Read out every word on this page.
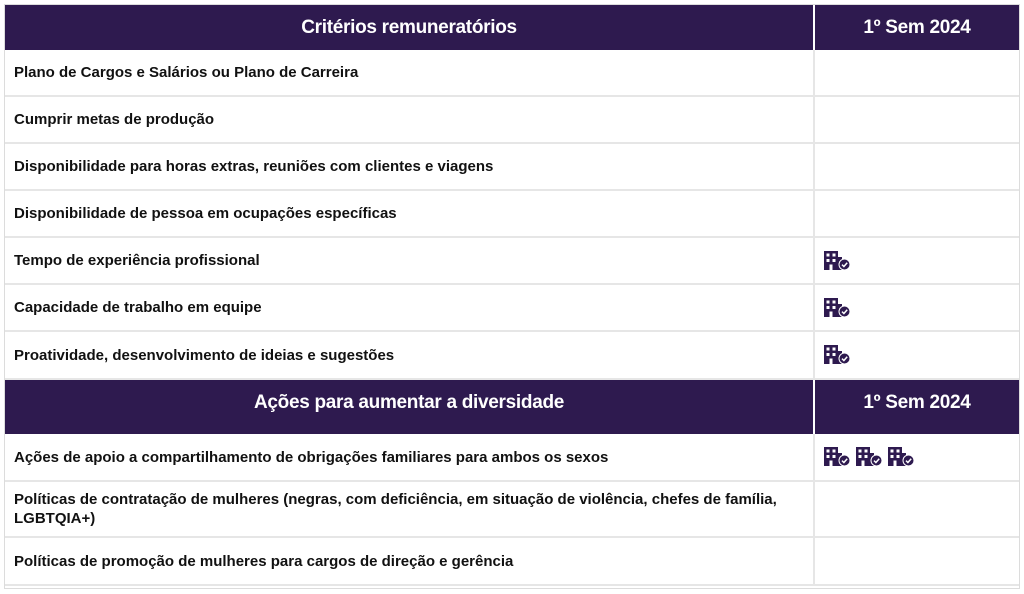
Critérios remuneratórios	1º Sem 2024
Plano de Cargos e Salários ou Plano de Carreira
Cumprir metas de produção
Disponibilidade para horas extras, reuniões com clientes e viagens
Disponibilidade de pessoa em ocupações específicas
Tempo de experiência profissional
Capacidade de trabalho em equipe
Proatividade, desenvolvimento de ideias e sugestões
Ações para aumentar a diversidade	1º Sem 2024
Ações de apoio a compartilhamento de obrigações familiares para ambos os sexos
Políticas de contratação de mulheres (negras, com deficiência, em situação de violência, chefes de família, LGBTQIA+)
Políticas de promoção de mulheres para cargos de direção e gerência
